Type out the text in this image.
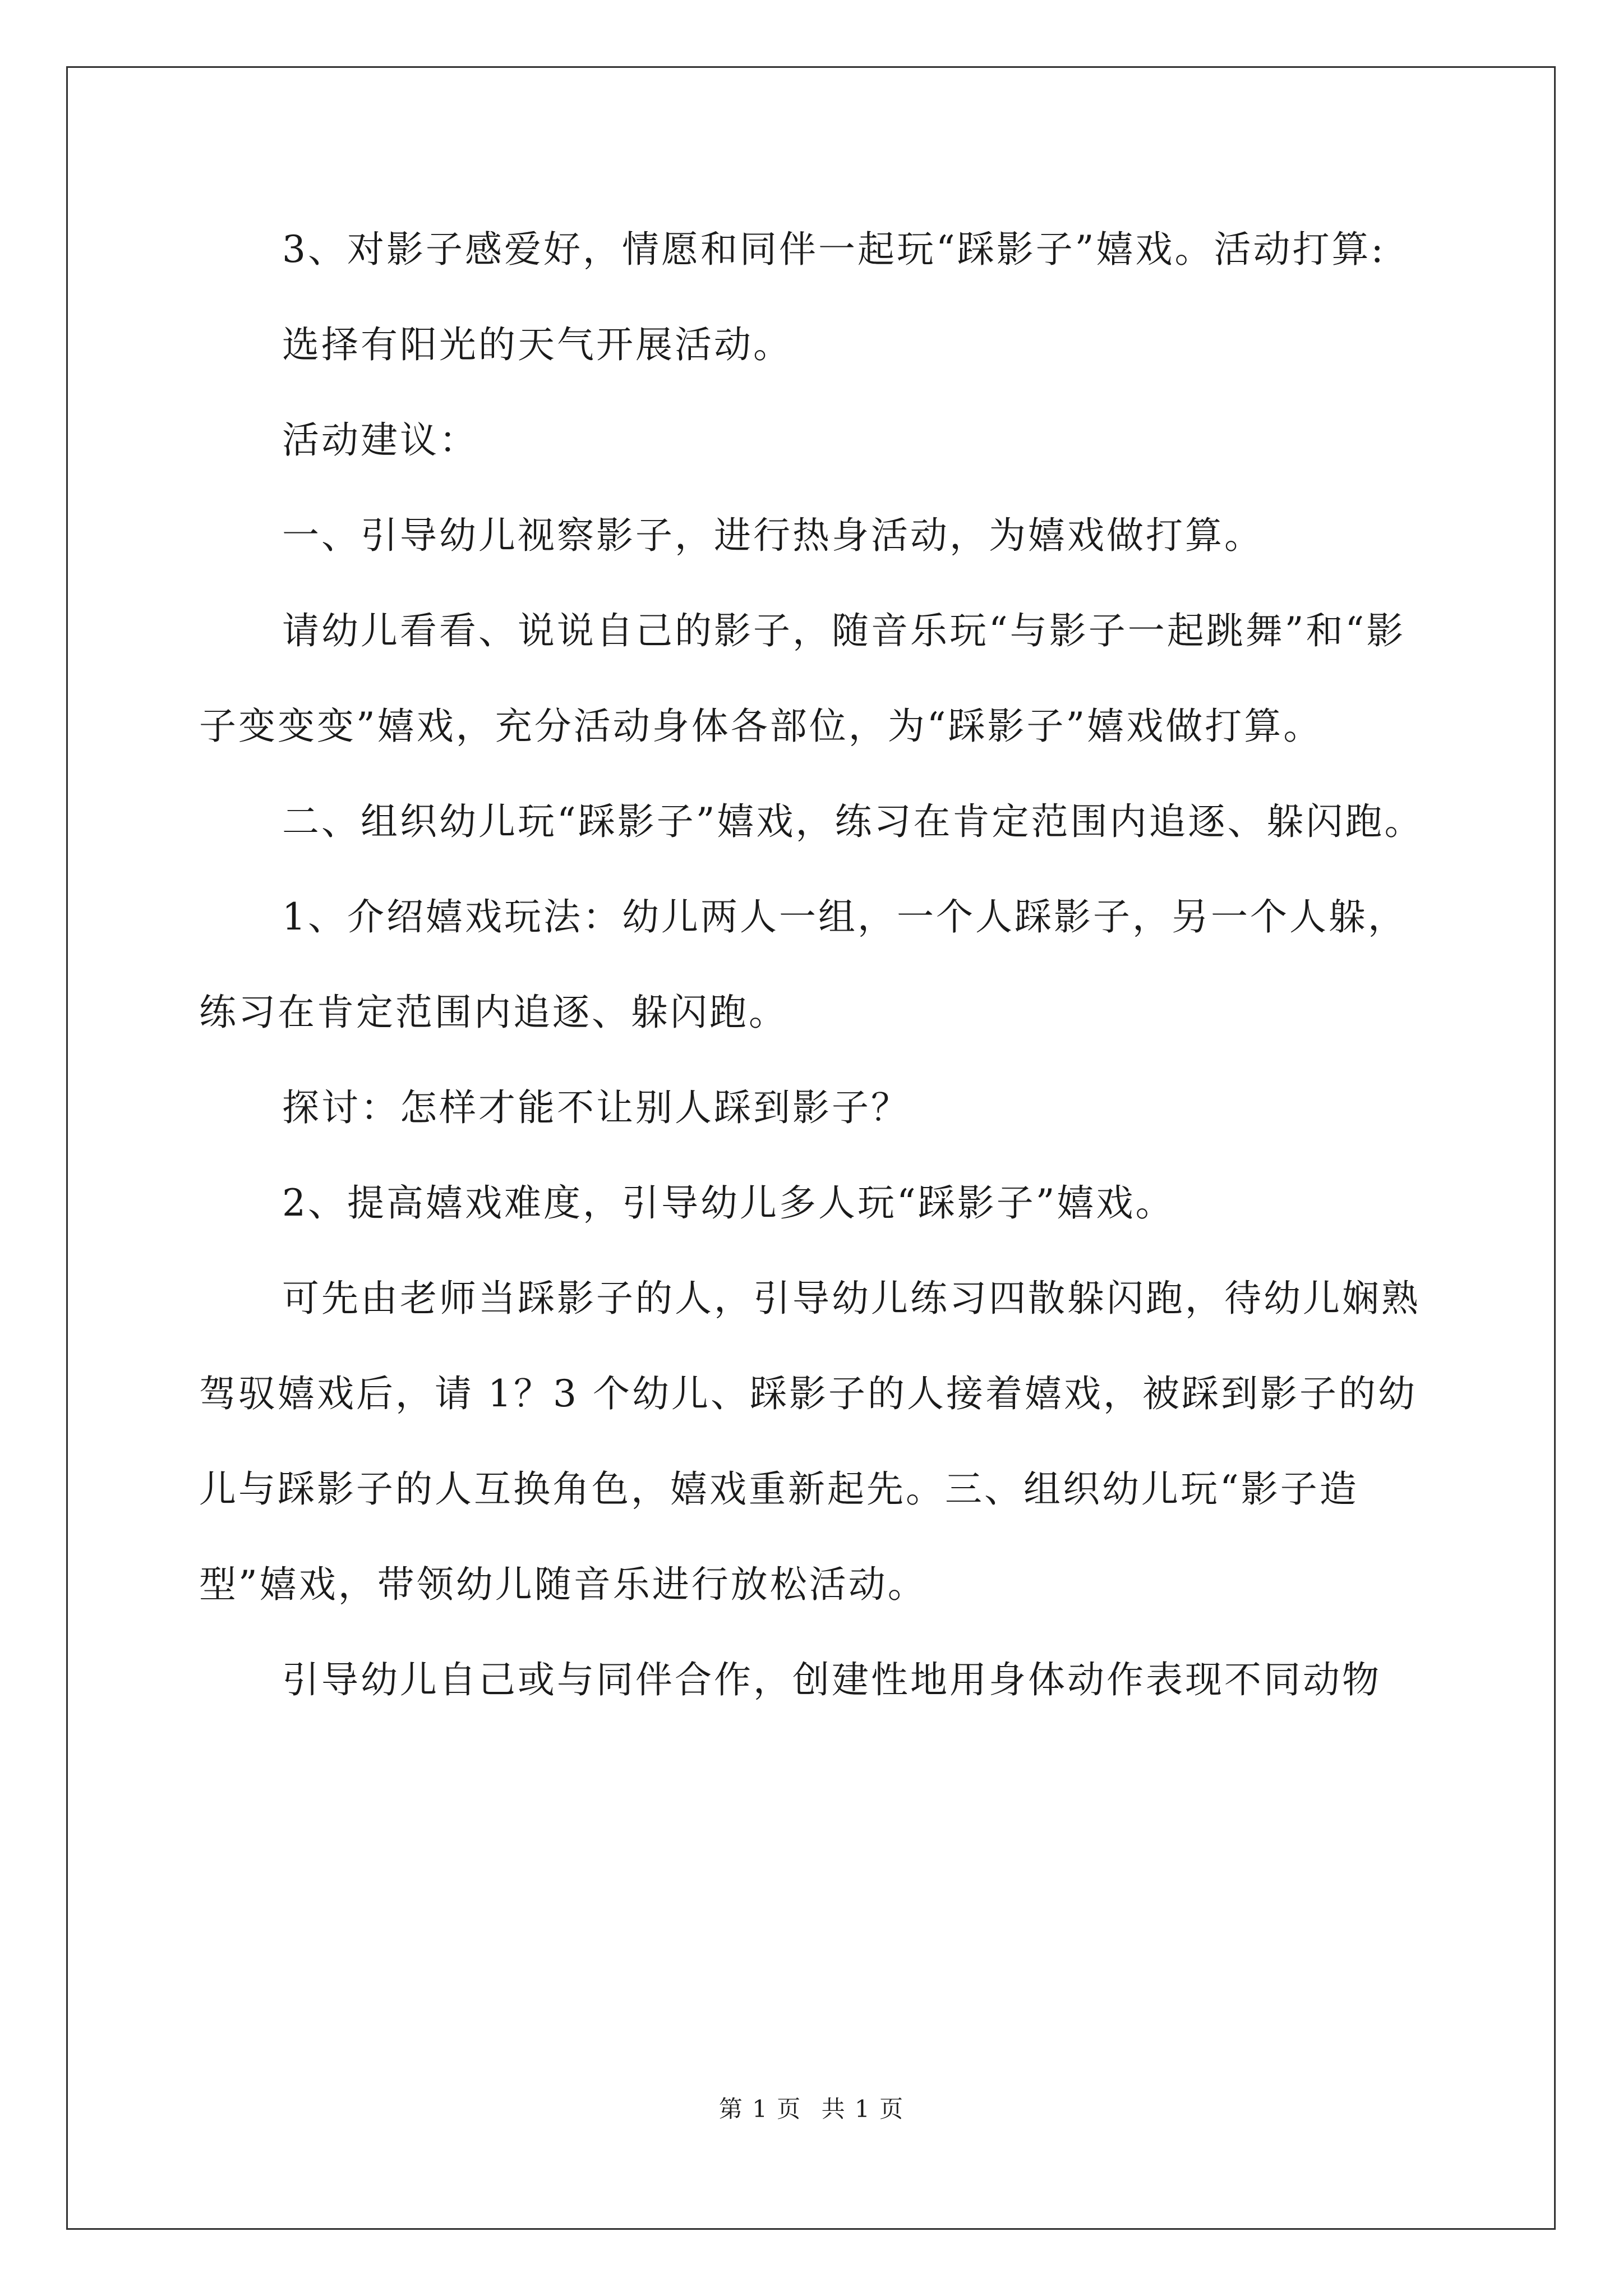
3、对影子感爱好，情愿和同伴一起玩“踩影子”嬉戏。活动打算:

选择有阳光的天气开展活动。

活动建议：

一、引导幼儿视察影子，进行热身活动，为嬉戏做打算。

请幼儿看看、说说自己的影子，随音乐玩“与影子一起跳舞”和“影子变变变”嬉戏，充分活动身体各部位，为“踩影子”嬉戏做打算。

二、组织幼儿玩“踩影子”嬉戏，练习在肯定范围内追逐、躲闪跑。

1、介绍嬉戏玩法：幼儿两人一组，一个人踩影子，另一个人躲，练习在肯定范围内追逐、躲闪跑。

探讨：怎样才能不让别人踩到影子？

2、提高嬉戏难度，引导幼儿多人玩“踩影子”嬉戏。

可先由老师当踩影子的人，引导幼儿练习四散躲闪跑，待幼儿娴熟驾驭嬉戏后，请 1？3 个幼儿、踩影子的人接着嬉戏，被踩到影子的幼儿与踩影子的人互换角色，嬉戏重新起先。三、组织幼儿玩“影子造型”嬉戏，带领幼儿随音乐进行放松活动。

引导幼儿自己或与同伴合作，创建性地用身体动作表现不同动物

第 1 页 共 1 页
